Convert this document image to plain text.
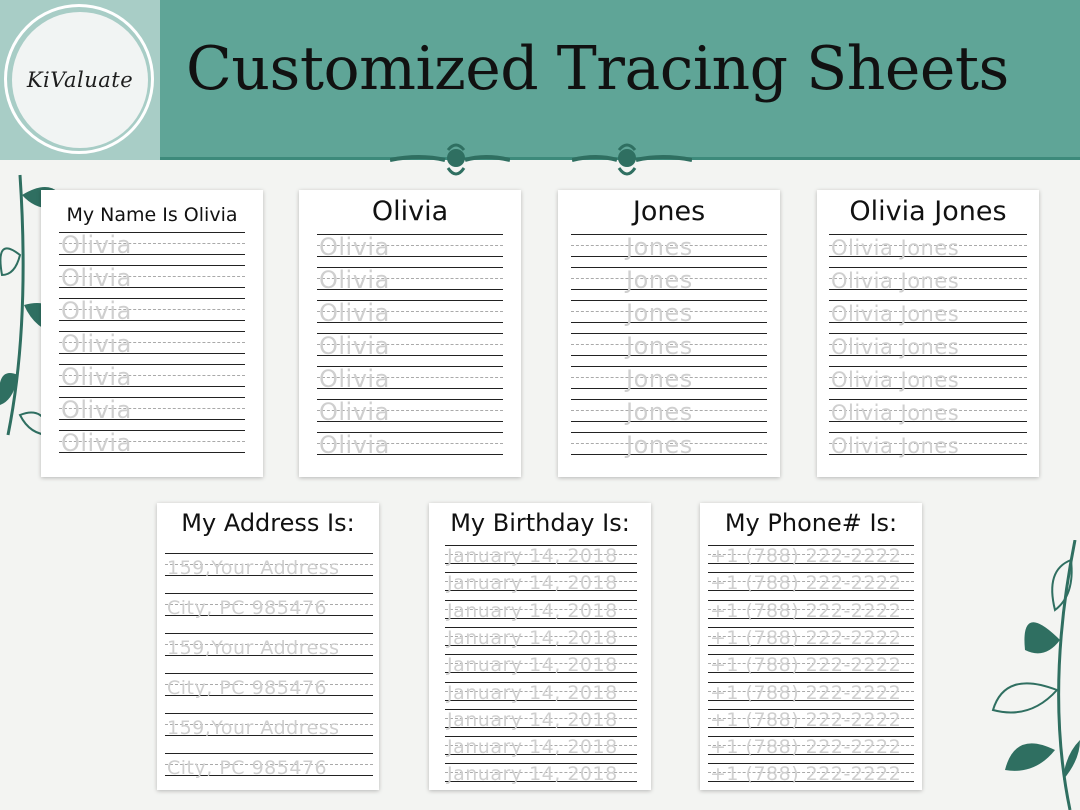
KiValuate Customized Tracing Sheets
My Name Is Olivia
Olivia
Olivia
Olivia
Olivia
Olivia
Olivia
Olivia
Olivia
Olivia
Olivia
Olivia
Olivia
Olivia
Olivia
Olivia
Jones
Jones
Jones
Jones
Jones
Jones
Jones
Jones
Olivia Jones
Olivia Jones
Olivia Jones
Olivia Jones
Olivia Jones
Olivia Jones
Olivia Jones
Olivia Jones
My Address Is:
159,Your Address
City, PC 985476
159,Your Address
City, PC 985476
159,Your Address
City, PC 985476
My Birthday Is:
January 14, 2018
January 14, 2018
January 14, 2018
January 14, 2018
January 14, 2018
January 14, 2018
January 14, 2018
January 14, 2018
January 14, 2018
My Phone# Is:
+1 (788) 222-2222
+1 (788) 222-2222
+1 (788) 222-2222
+1 (788) 222-2222
+1 (788) 222-2222
+1 (788) 222-2222
+1 (788) 222-2222
+1 (788) 222-2222
+1 (788) 222-2222
